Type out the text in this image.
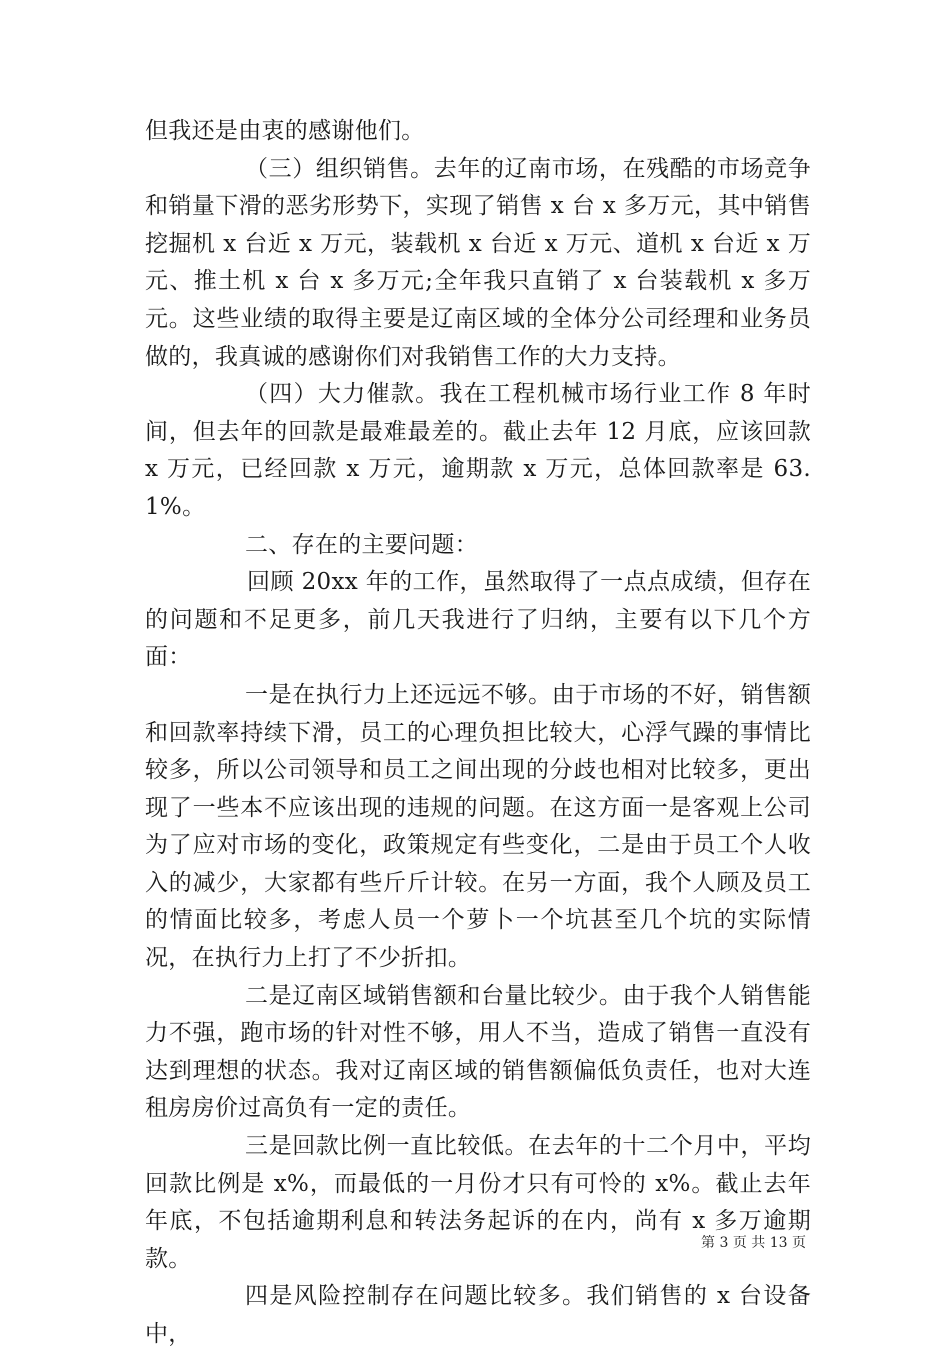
但我还是由衷的感谢他们。

（三）组织销售。去年的辽南市场，在残酷的市场竞争和销量下滑的恶劣形势下，实现了销售 x 台 x 多万元，其中销售挖掘机 x 台近 x 万元，装载机 x 台近 x 万元、道机 x 台近 x 万元、推土机 x 台 x 多万元;全年我只直销了 x 台装载机 x 多万元。这些业绩的取得主要是辽南区域的全体分公司经理和业务员做的，我真诚的感谢你们对我销售工作的大力支持。

（四）大力催款。我在工程机械市场行业工作 8 年时间，但去年的回款是最难最差的。截止去年 12 月底，应该回款 x 万元，已经回款 x 万元，逾期款 x 万元，总体回款率是 63.1%。

二、存在的主要问题：

回顾 20xx 年的工作，虽然取得了一点点成绩，但存在的问题和不足更多，前几天我进行了归纳，主要有以下几个方面：

一是在执行力上还远远不够。由于市场的不好，销售额和回款率持续下滑，员工的心理负担比较大，心浮气躁的事情比较多，所以公司领导和员工之间出现的分歧也相对比较多，更出现了一些本不应该出现的违规的问题。在这方面一是客观上公司为了应对市场的变化，政策规定有些变化，二是由于员工个人收入的减少，大家都有些斤斤计较。在另一方面，我个人顾及员工的情面比较多，考虑人员一个萝卜一个坑甚至几个坑的实际情况，在执行力上打了不少折扣。

二是辽南区域销售额和台量比较少。由于我个人销售能力不强，跑市场的针对性不够，用人不当，造成了销售一直没有达到理想的状态。我对辽南区域的销售额偏低负责任，也对大连租房房价过高负有一定的责任。

三是回款比例一直比较低。在去年的十二个月中，平均回款比例是 x%，而最低的一月份才只有可怜的 x%。截止去年年底，不包括逾期利息和转法务起诉的在内，尚有 x 多万逾期款。

四是风险控制存在问题比较多。我们销售的 x 台设备中，

第 3 页 共 13 页
